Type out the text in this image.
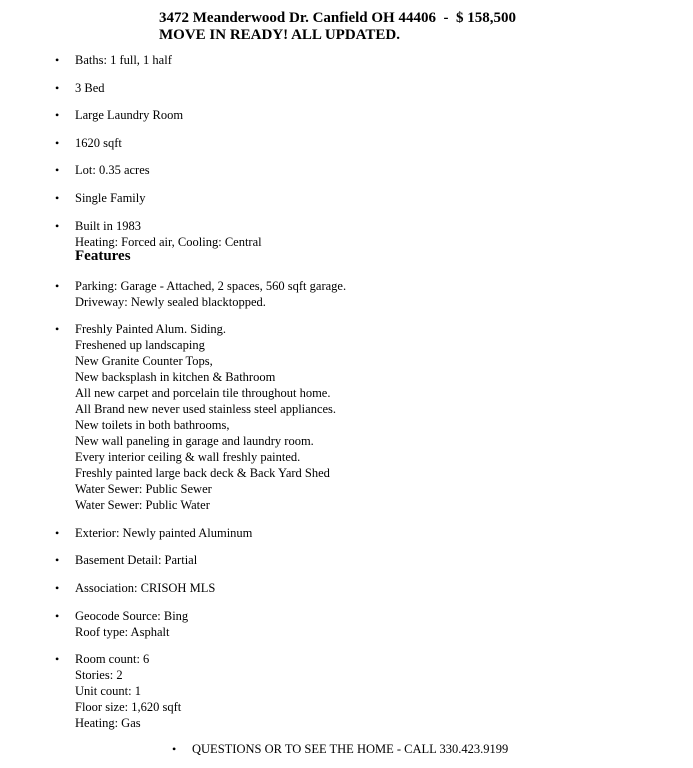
3472 Meanderwood Dr. Canfield OH 44406  -  $ 158,500
MOVE IN READY! ALL UPDATED.
• Baths: 1 full, 1 half
• 3 Bed
• Large Laundry Room
• 1620 sqft
• Lot: 0.35 acres
• Single Family
• Built in 1983
Heating: Forced air, Cooling: Central
• Parking: Garage - Attached, 2 spaces, 560 sqft garage.
Driveway: Newly sealed blacktopped.
• Freshly Painted Alum. Siding.
Freshened up landscaping
New Granite Counter Tops,
New backsplash in kitchen & Bathroom
All new carpet and porcelain tile throughout home.
All Brand new never used stainless steel appliances.
New toilets in both bathrooms,
New wall paneling in garage and laundry room.
Every interior ceiling & wall freshly painted.
Freshly painted large back deck & Back Yard Shed
Water Sewer: Public Sewer
Water Sewer: Public Water
• Exterior: Newly painted Aluminum
• Basement Detail: Partial
• Association: CRISOH MLS
• Geocode Source: Bing
Roof type: Asphalt
• Room count: 6
Stories: 2
Unit count: 1
Floor size: 1,620 sqft
Heating: Gas
Features
• QUESTIONS OR TO SEE THE HOME - CALL 330.423.9199
